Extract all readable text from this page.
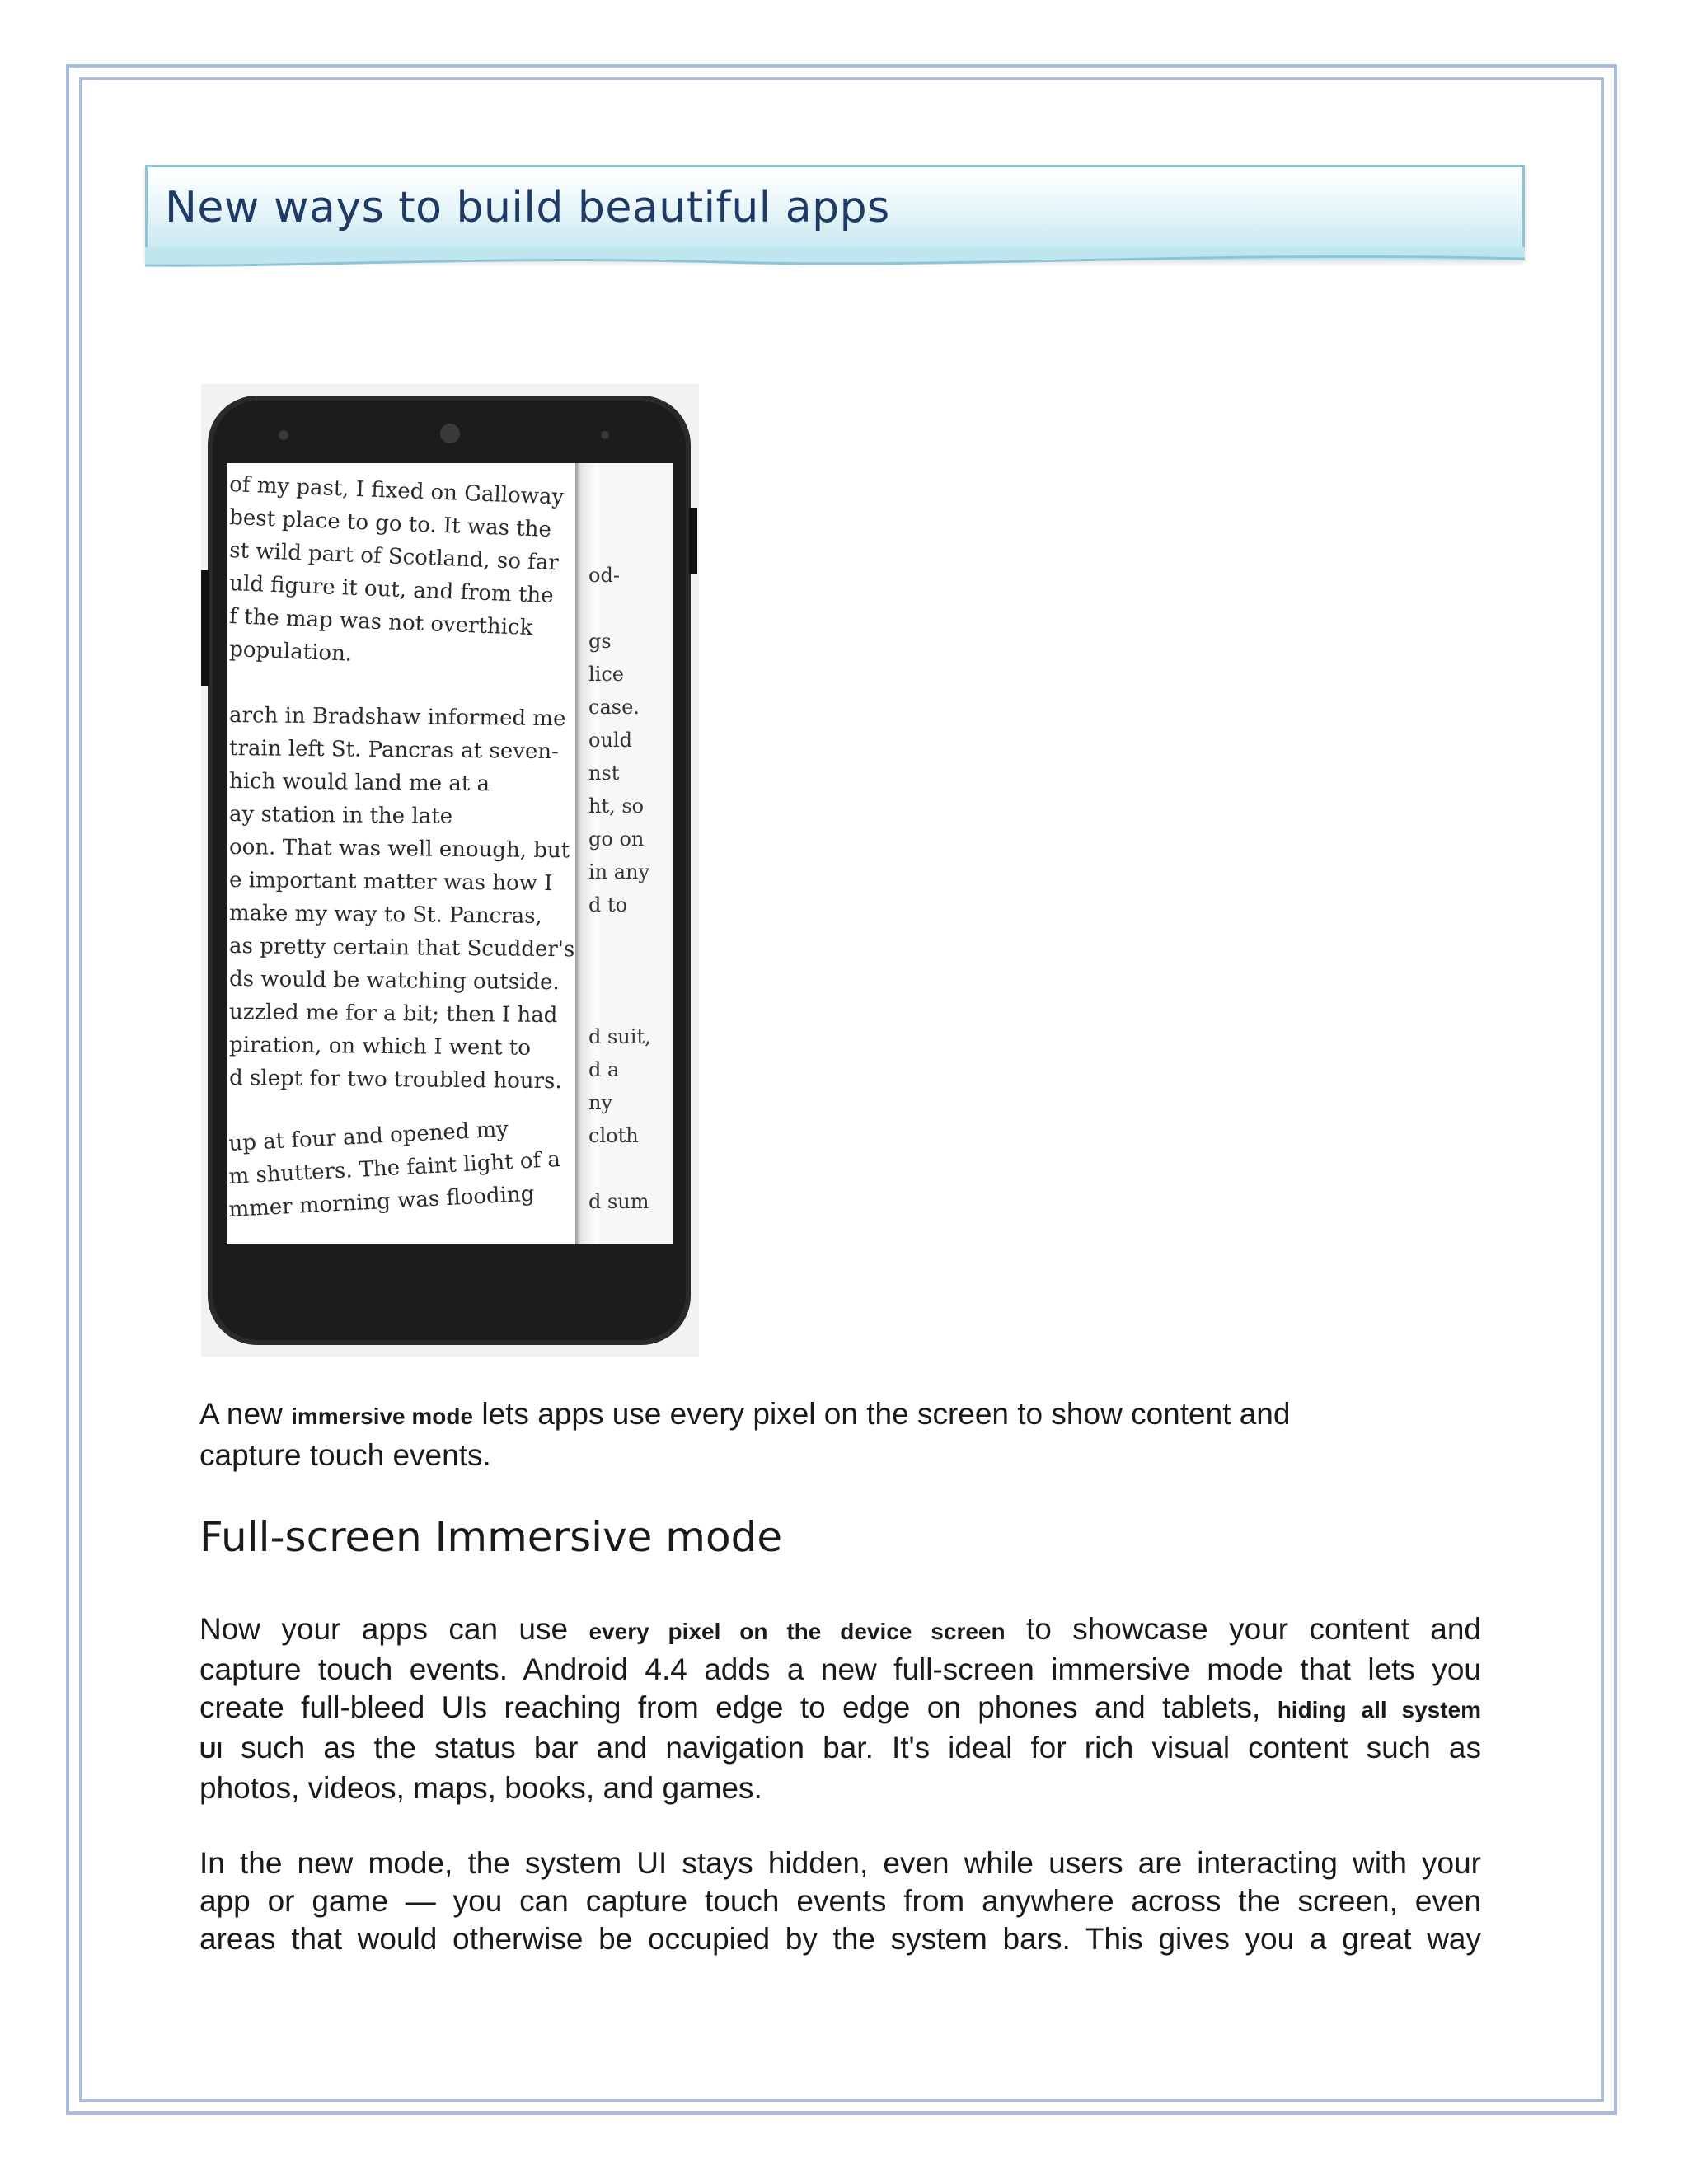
New ways to build beautiful apps
of my past, I fixed on Galloway
best place to go to. It was the
st wild part of Scotland, so far
uld figure it out, and from the
f the map was not overthick
population.
arch in Bradshaw informed me
train left St. Pancras at seven-
hich would land me at a
ay station in the late
oon. That was well enough, but
e important matter was how I
make my way to St. Pancras,
as pretty certain that Scudder's
ds would be watching outside.
uzzled me for a bit; then I had
piration, on which I went to
d slept for two troubled hours.
up at four and opened my
m shutters. The faint light of a
mmer morning was flooding
od-
gs
lice
case.
ould
nst
ht, so
go on
in any
d to
d suit,
d a
ny
cloth
d sum
A new immersive mode lets apps use every pixel on the screen to show content and
capture touch events.
Full-screen Immersive mode
Now your apps can use every pixel on the device screen to showcase your content and
capture touch events. Android 4.4 adds a new full-screen immersive mode that lets you
create full-bleed UIs reaching from edge to edge on phones and tablets, hiding all system
UI such as the status bar and navigation bar. It's ideal for rich visual content such as
photos, videos, maps, books, and games.
In the new mode, the system UI stays hidden, even while users are interacting with your
app or game — you can capture touch events from anywhere across the screen, even
areas that would otherwise be occupied by the system bars. This gives you a great way
